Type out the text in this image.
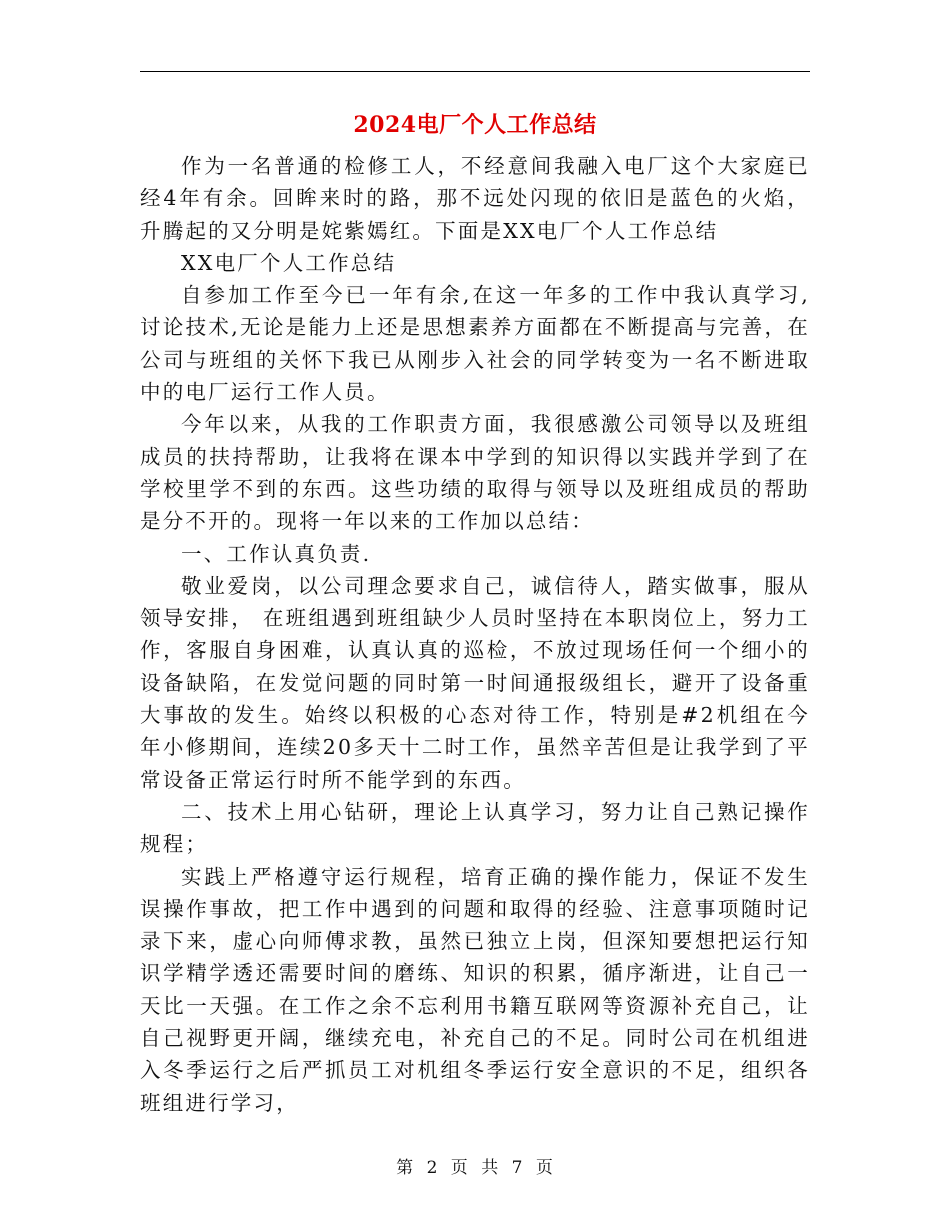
2024电厂个人工作总结

作为一名普通的检修工人，不经意间我融入电厂这个大家庭已经4年有余。回眸来时的路，那不远处闪现的依旧是蓝色的火焰，升腾起的又分明是姹紫嫣红。下面是XX电厂个人工作总结

XX电厂个人工作总结

自参加工作至今已一年有余,在这一年多的工作中我认真学习,讨论技术,无论是能力上还是思想素养方面都在不断提高与完善，在公司与班组的关怀下我已从刚步入社会的同学转变为一名不断进取中的电厂运行工作人员。

今年以来，从我的工作职责方面，我很感激公司领导以及班组成员的扶持帮助，让我将在课本中学到的知识得以实践并学到了在学校里学不到的东西。这些功绩的取得与领导以及班组成员的帮助是分不开的。现将一年以来的工作加以总结：

一、工作认真负责.

敬业爱岗，以公司理念要求自己，诚信待人，踏实做事，服从领导安排， 在班组遇到班组缺少人员时坚持在本职岗位上，努力工作，客服自身困难，认真认真的巡检，不放过现场任何一个细小的设备缺陷，在发觉问题的同时第一时间通报级组长，避开了设备重大事故的发生。始终以积极的心态对待工作，特别是#2机组在今年小修期间，连续20多天十二时工作，虽然辛苦但是让我学到了平常设备正常运行时所不能学到的东西。

二、技术上用心钻研，理论上认真学习，努力让自己熟记操作规程；

实践上严格遵守运行规程，培育正确的操作能力，保证不发生误操作事故，把工作中遇到的问题和取得的经验、注意事项随时记录下来，虚心向师傅求教，虽然已独立上岗，但深知要想把运行知识学精学透还需要时间的磨练、知识的积累，循序渐进，让自己一天比一天强。在工作之余不忘利用书籍互联网等资源补充自己，让自己视野更开阔，继续充电，补充自己的不足。同时公司在机组进入冬季运行之后严抓员工对机组冬季运行安全意识的不足，组织各班组进行学习，

第 2 页 共 7 页
